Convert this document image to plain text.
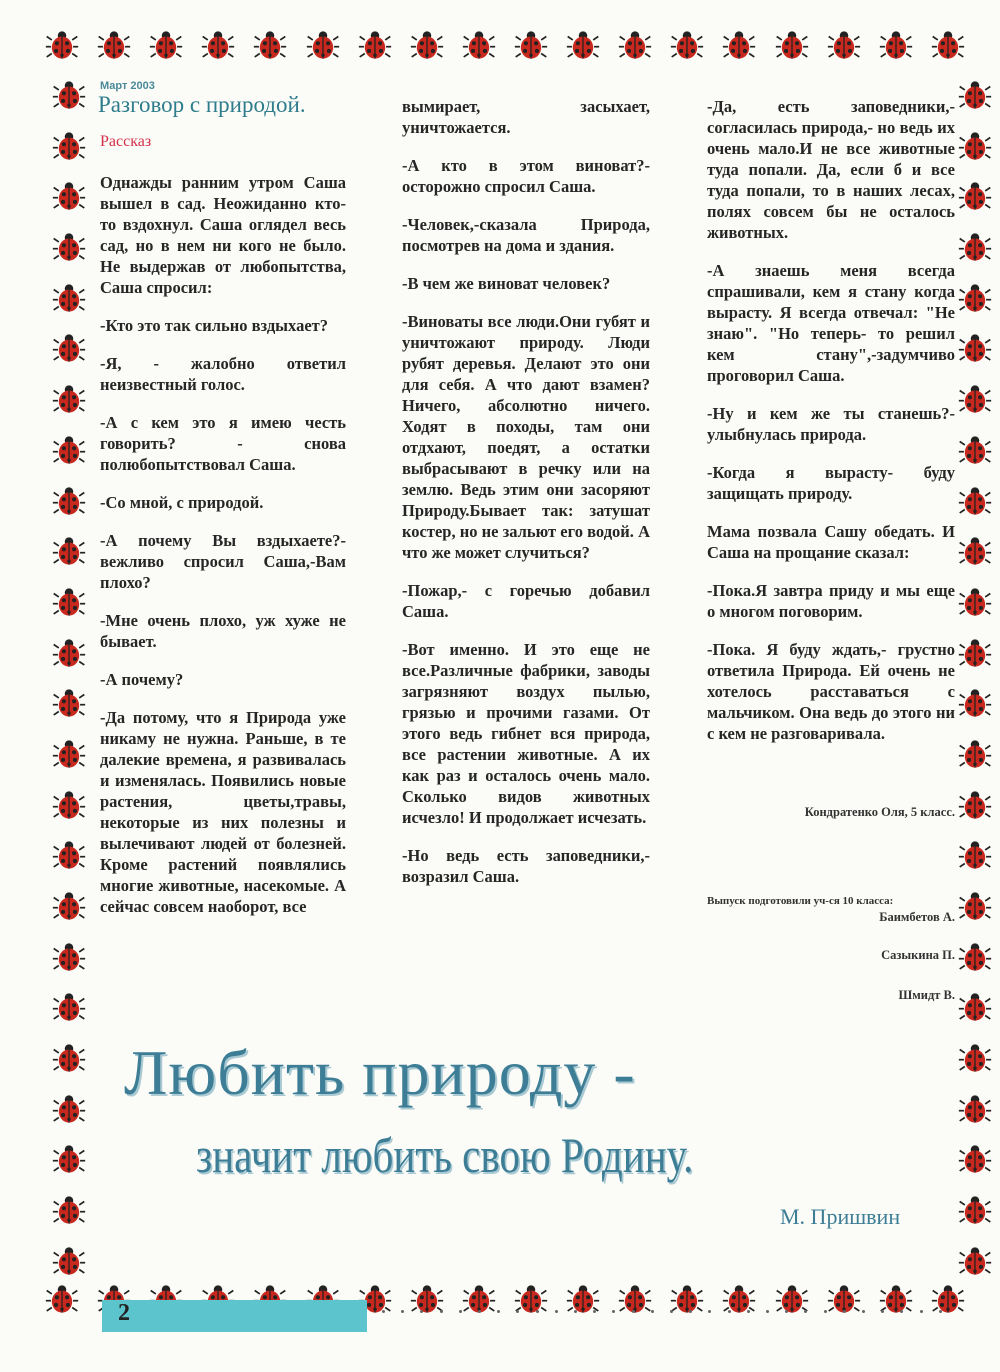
Март 2003
Разговор с природой.
Рассказ

Однажды ранним утром Саша вышел в сад. Неожиданно кто-то вздохнул. Саша оглядел весь сад, но в нем ни кого не было. Не выдержав от любопытства, Саша спросил:

-Кто это так сильно вздыхает?

-Я, - жалобно ответил неизвестный голос.

-А с кем это я имею честь говорить? - снова полюбопытствовал Саша.

-Со мной, с природой.

-А почему Вы вздыхаете?- вежливо спросил Саша,-Вам плохо?

-Мне очень плохо, уж хуже не бывает.

-А почему?

-Да потому, что я Природа уже никаму не нужна. Раньше, в те далекие времена, я развивалась и изменялась. Появились новые растения, цветы,травы, некоторые из них полезны и вылечивают людей от болезней. Кроме растений появлялись многие животные, насекомые. А сейчас совсем наоборот, все

вымирает, засыхает, уничтожается.

-А кто в этом виноват?- осторожно спросил Саша.

-Человек,-сказала Природа, посмотрев на дома и здания.

-В чем же виноват человек?

-Виноваты все люди.Они губят и уничтожают природу. Люди рубят деревья. Делают это они для себя. А что дают взамен? Ничего, абсолютно ничего. Ходят в походы, там они отдхают, поедят, а остатки выбрасывают в речку или на землю. Ведь этим они засоряют Природу.Бывает так: затушат костер, но не зальют его водой. А что же может случиться?

-Пожар,- с горечью добавил Саша.

-Вот именно. И это еще не все.Различные фабрики, заводы загрязняют воздух пылью, грязью и прочими газами. От этого ведь гибнет вся природа, все растении животные. А их как раз и осталось очень мало. Сколько видов животных исчезло! И продолжает исчезать.

-Но ведь есть заповедники,- возразил Саша.

-Да, есть заповедники,- согласилась природа,- но ведь их очень мало.И не все животные туда попали. Да, если б и все туда попали, то в наших лесах, полях совсем бы не осталось животных.

-А знаешь меня всегда спрашивали, кем я стану когда вырасту. Я всегда отвечал: "Не знаю". "Но теперь- то решил кем стану",-задумчиво проговорил Саша.

-Ну и кем же ты станешь?- улыбнулась природа.

-Когда я вырасту- буду защищать природу.

Мама позвала Сашу обедать. И Саша на прощание сказал:

-Пока.Я завтра приду и мы еще о многом поговорим.

-Пока. Я буду ждать,- грустно ответила Природа. Ей очень не хотелось расставаться с мальчиком. Она ведь до этого ни с кем не разговаривала.

Кондратенко Оля, 5 класс.
Выпуск подготовили уч-ся 10 класса:
Баимбетов А.
Сазыкина П.
Шмидт В.
Любить природу -
значит любить свою Родину.
М. Пришвин
2
